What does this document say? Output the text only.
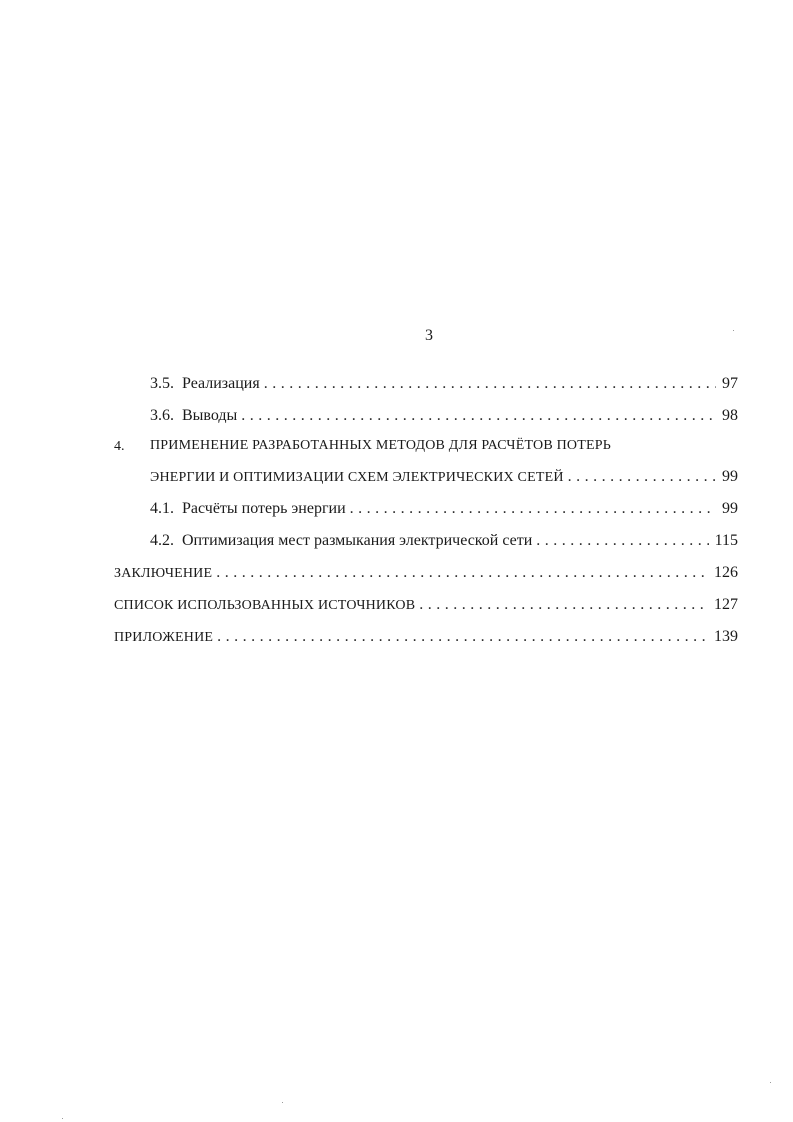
3
3.5. Реализация . . .	97
3.6. Выводы . . .	98
4. ПРИМЕНЕНИЕ РАЗРАБОТАННЫХ МЕТОДОВ ДЛЯ РАСЧЁТОВ ПОТЕРЬ
ЭНЕРГИИ И ОПТИМИЗАЦИИ СХЕМ ЭЛЕКТРИЧЕСКИХ СЕТЕЙ . . .	99
4.1. Расчёты потерь энергии . . .	99
4.2. Оптимизация мест размыкания электрической сети . . .	115
ЗАКЛЮЧЕНИЕ . . .	126
СПИСОК ИСПОЛЬЗОВАННЫХ ИСТОЧНИКОВ . . .	127
ПРИЛОЖЕНИЕ . . .	139
